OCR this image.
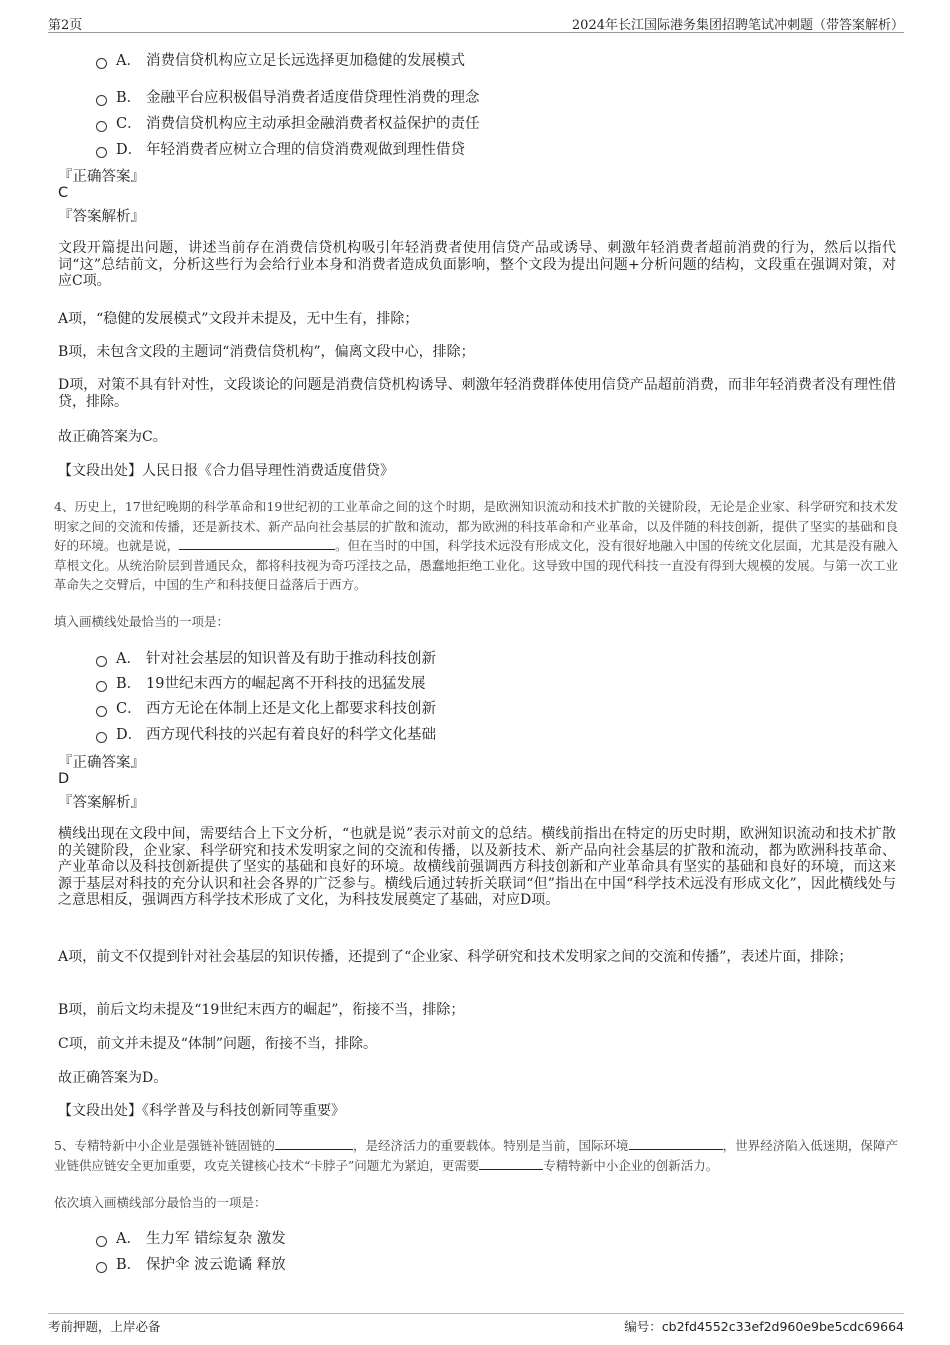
第2页	2024年长江国际港务集团招聘笔试冲刺题（带答案解析）
A． 消费信贷机构应立足长远选择更加稳健的发展模式
B． 金融平台应积极倡导消费者适度借贷理性消费的理念
C． 消费信贷机构应主动承担金融消费者权益保护的责任
D． 年轻消费者应树立合理的信贷消费观做到理性借贷
『正确答案』
C
『答案解析』
文段开篇提出问题，讲述当前存在消费信贷机构吸引年轻消费者使用信贷产品或诱导、刺激年轻消费者超前消费的行为，然后以指代词“这”总结前文，分析这些行为会给行业本身和消费者造成负面影响，整个文段为提出问题+分析问题的结构，文段重在强调对策，对应C项。
A项，“稳健的发展模式”文段并未提及，无中生有，排除；
B项，未包含文段的主题词“消费信贷机构”，偏离文段中心，排除；
D项，对策不具有针对性，文段谈论的问题是消费信贷机构诱导、刺激年轻消费群体使用信贷产品超前消费，而非年轻消费者没有理性借贷，排除。
故正确答案为C。
【文段出处】人民日报《合力倡导理性消费适度借贷》
4、历史上，17世纪晚期的科学革命和19世纪初的工业革命之间的这个时期，是欧洲知识流动和技术扩散的关键阶段，无论是企业家、科学研究和技术发明家之间的交流和传播，还是新技术、新产品向社会基层的扩散和流动，都为欧洲的科技革命和产业革命，以及伴随的科技创新，提供了坚实的基础和良好的环境。也就是说，	。但在当时的中国，科学技术远没有形成文化，没有很好地融入中国的传统文化层面，尤其是没有融入草根文化。从统治阶层到普通民众，都将科技视为奇巧淫技之品，愚蠢地拒绝工业化。这导致中国的现代科技一直没有得到大规模的发展。与第一次工业革命失之交臂后，中国的生产和科技便日益落后于西方。
填入画横线处最恰当的一项是：
A． 针对社会基层的知识普及有助于推动科技创新
B． 19世纪末西方的崛起离不开科技的迅猛发展
C． 西方无论在体制上还是文化上都要求科技创新
D． 西方现代科技的兴起有着良好的科学文化基础
『正确答案』
D
『答案解析』
横线出现在文段中间，需要结合上下文分析，“也就是说”表示对前文的总结。横线前指出在特定的历史时期，欧洲知识流动和技术扩散的关键阶段，企业家、科学研究和技术发明家之间的交流和传播，以及新技术、新产品向社会基层的扩散和流动，都为欧洲科技革命、产业革命以及科技创新提供了坚实的基础和良好的环境。故横线前强调西方科技创新和产业革命具有坚实的基础和良好的环境，而这来源于基层对科技的充分认识和社会各界的广泛参与。横线后通过转折关联词“但”指出在中国“科学技术远没有形成文化”，因此横线处与之意思相反，强调西方科学技术形成了文化，为科技发展奠定了基础，对应D项。
A项，前文不仅提到针对社会基层的知识传播，还提到了“企业家、科学研究和技术发明家之间的交流和传播”，表述片面，排除；
B项，前后文均未提及“19世纪末西方的崛起”，衔接不当，排除；
C项，前文并未提及“体制”问题，衔接不当，排除。
故正确答案为D。
【文段出处】《科学普及与科技创新同等重要》
5、专精特新中小企业是强链补链固链的	，是经济活力的重要载体。特别是当前，国际环境	，世界经济陷入低迷期，保障产业链供应链安全更加重要，攻克关键核心技术“卡脖子”问题尤为紧迫，更需要	专精特新中小企业的创新活力。
依次填入画横线部分最恰当的一项是：
A． 生力军 错综复杂 激发
B． 保护伞 波云诡谲 释放
考前押题，上岸必备	编号：cb2fd4552c33ef2d960e9be5cdc69664
